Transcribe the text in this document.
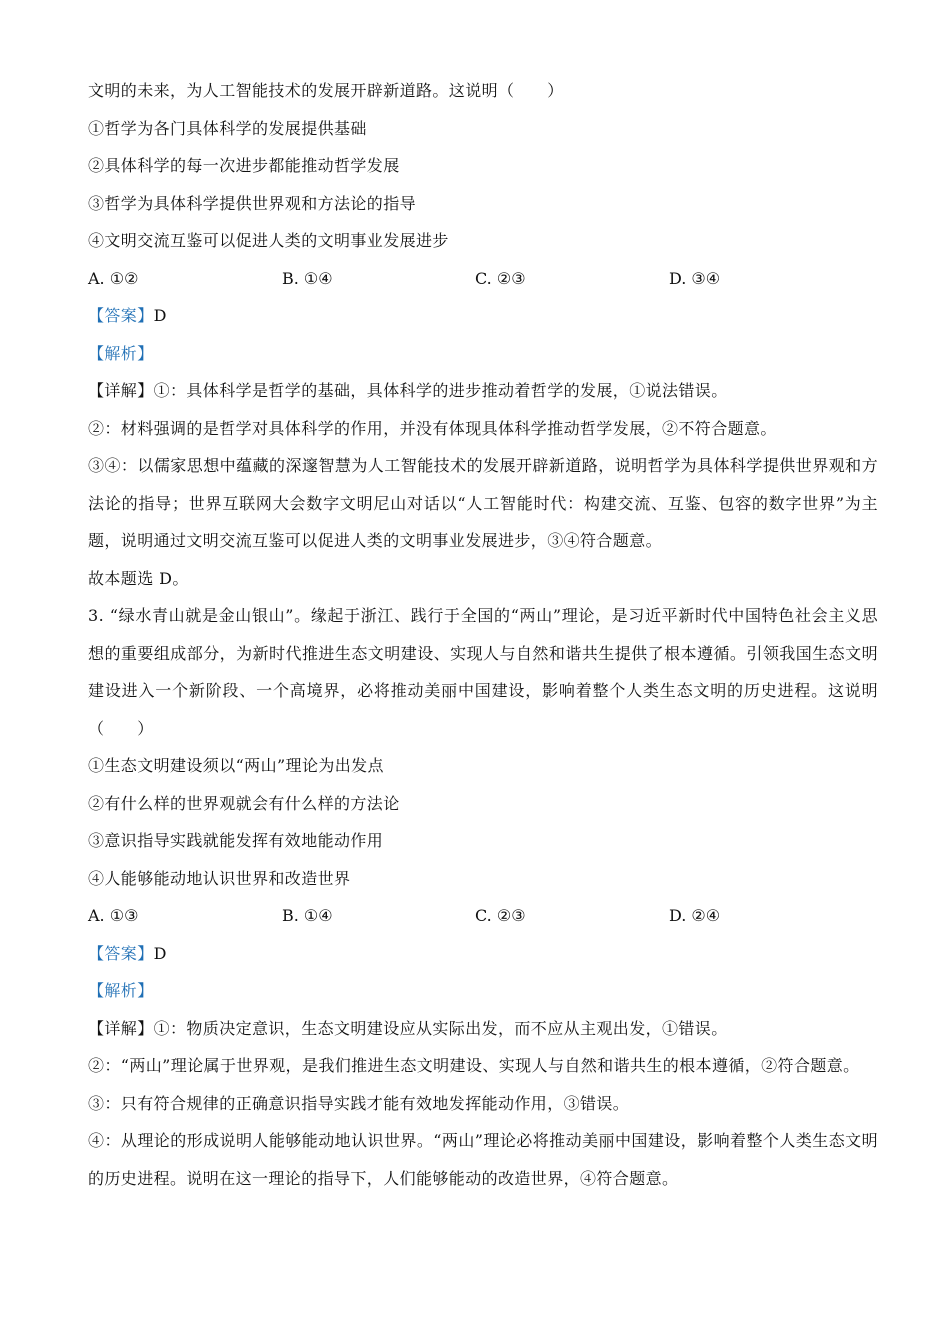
文明的未来，为人工智能技术的发展开辟新道路。这说明（　　）
①哲学为各门具体科学的发展提供基础
②具体科学的每一次进步都能推动哲学发展
③哲学为具体科学提供世界观和方法论的指导
④文明交流互鉴可以促进人类的文明事业发展进步
A. ①②	B. ①④	C. ②③	D. ③④
【答案】D
【解析】
【详解】①：具体科学是哲学的基础，具体科学的进步推动着哲学的发展，①说法错误。
②：材料强调的是哲学对具体科学的作用，并没有体现具体科学推动哲学发展，②不符合题意。
③④：以儒家思想中蕴藏的深邃智慧为人工智能技术的发展开辟新道路，说明哲学为具体科学提供世界观和方法论的指导；世界互联网大会数字文明尼山对话以“人工智能时代：构建交流、互鉴、包容的数字世界”为主题，说明通过文明交流互鉴可以促进人类的文明事业发展进步，③④符合题意。
故本题选 D。
3. “绿水青山就是金山银山”。缘起于浙江、践行于全国的“两山”理论，是习近平新时代中国特色社会主义思想的重要组成部分，为新时代推进生态文明建设、实现人与自然和谐共生提供了根本遵循。引领我国生态文明建设进入一个新阶段、一个高境界，必将推动美丽中国建设，影响着整个人类生态文明的历史进程。这说明（　　）
①生态文明建设须以“两山”理论为出发点
②有什么样的世界观就会有什么样的方法论
③意识指导实践就能发挥有效地能动作用
④人能够能动地认识世界和改造世界
A. ①③	B. ①④	C. ②③	D. ②④
【答案】D
【解析】
【详解】①：物质决定意识，生态文明建设应从实际出发，而不应从主观出发，①错误。
②：“两山”理论属于世界观，是我们推进生态文明建设、实现人与自然和谐共生的根本遵循，②符合题意。
③：只有符合规律的正确意识指导实践才能有效地发挥能动作用，③错误。
④：从理论的形成说明人能够能动地认识世界。“两山”理论必将推动美丽中国建设，影响着整个人类生态文明的历史进程。说明在这一理论的指导下，人们能够能动的改造世界，④符合题意。
